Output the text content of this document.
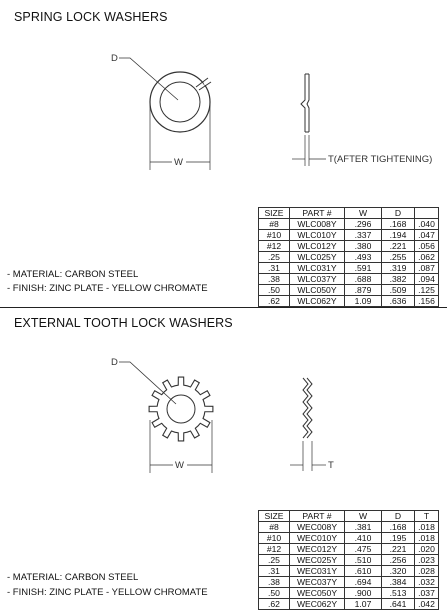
SPRING LOCK WASHERS
D
W	T(AFTER TIGHTENING)
SIZE	PART #	W	D	
#8	WLC008Y	.296	.168	.040
#10	WLC010Y	.337	.194	.047
#12	WLC012Y	.380	.221	.056
.25	WLC025Y	.493	.255	.062
.31	WLC031Y	.591	.319	.087
.38	WLC037Y	.688	.382	.094
.50	WLC050Y	.879	.509	.125
.62	WLC062Y	1.09	.636	.156
- MATERIAL: CARBON STEEL
- FINISH: ZINC PLATE - YELLOW CHROMATE
EXTERNAL TOOTH LOCK WASHERS
D
W	T
SIZE	PART #	W	D	T
#8	WEC008Y	.381	.168	.018
#10	WEC010Y	.410	.195	.018
#12	WEC012Y	.475	.221	.020
.25	WEC025Y	.510	.256	.023
.31	WEC031Y	.610	.320	.028
.38	WEC037Y	.694	.384	.032
.50	WEC050Y	.900	.513	.037
.62	WEC062Y	1.07	.641	.042
- MATERIAL: CARBON STEEL
- FINISH: ZINC PLATE - YELLOW CHROMATE
